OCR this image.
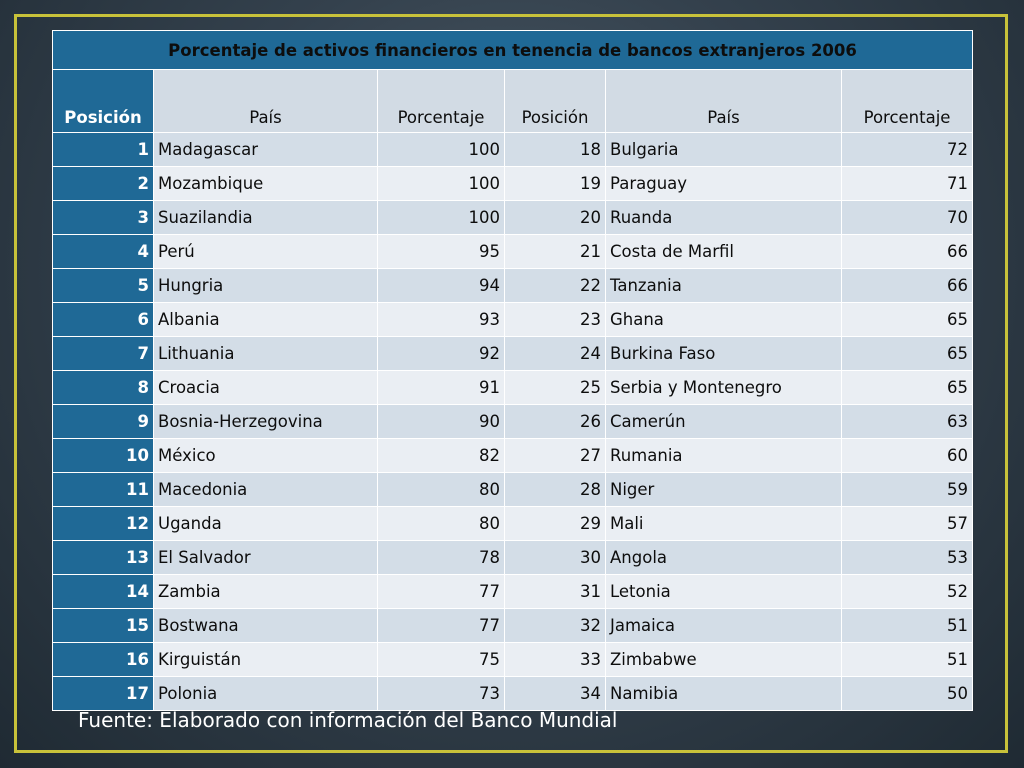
Porcentaje de activos financieros en tenencia de bancos extranjeros 2006					
Posición	País	Porcentaje	Posición	País	Porcentaje
1	Madagascar	100	18	Bulgaria	72
2	Mozambique	100	19	Paraguay	71
3	Suazilandia	100	20	Ruanda	70
4	Perú	95	21	Costa de Marfil	66
5	Hungria	94	22	Tanzania	66
6	Albania	93	23	Ghana	65
7	Lithuania	92	24	Burkina Faso	65
8	Croacia	91	25	Serbia y Montenegro	65
9	Bosnia-Herzegovina	90	26	Camerún	63
10	México	82	27	Rumania	60
11	Macedonia	80	28	Niger	59
12	Uganda	80	29	Mali	57
13	El Salvador	78	30	Angola	53
14	Zambia	77	31	Letonia	52
15	Bostwana	77	32	Jamaica	51
16	Kirguistán	75	33	Zimbabwe	51
17	Polonia	73	34	Namibia	50
Fuente: Elaborado con información del Banco Mundial
